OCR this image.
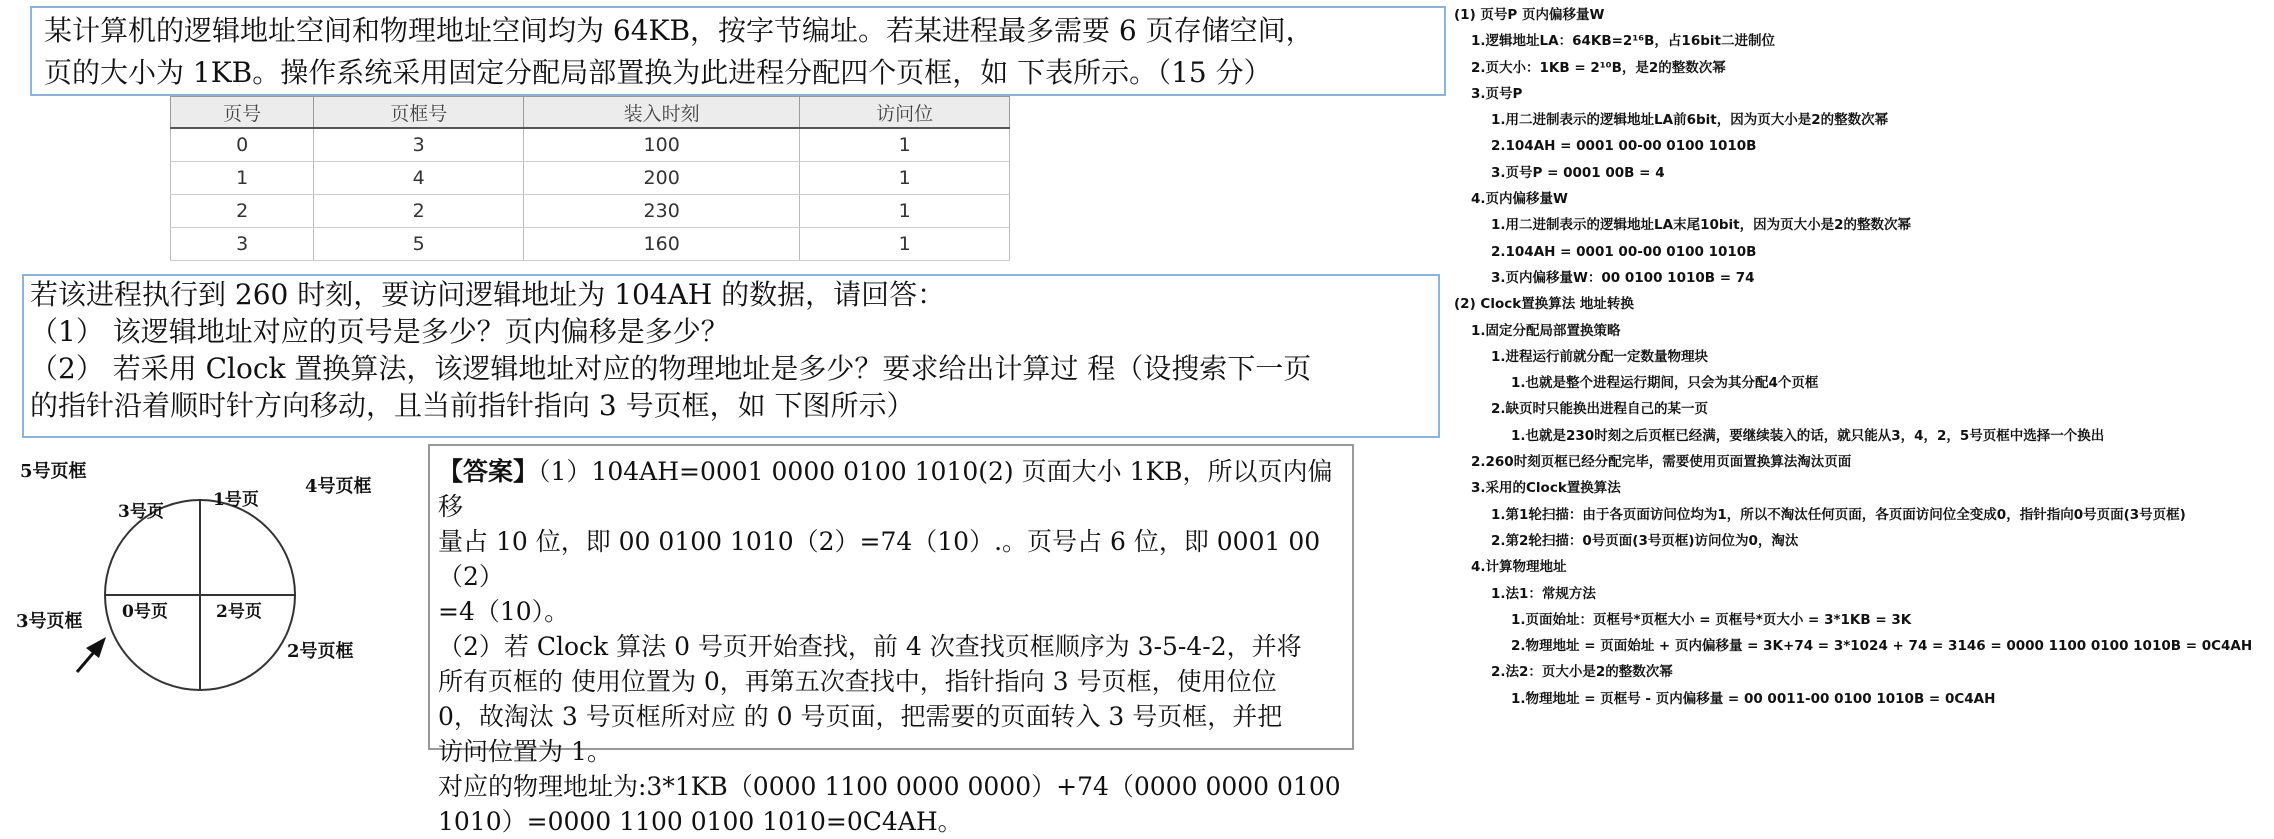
某计算机的逻辑地址空间和物理地址空间均为 64KB，按字节编址。若某进程最多需要 6 页存储空间，

页的大小为 1KB。操作系统采用固定分配局部置换为此进程分配四个页框，如 下表所示。（15 分）

页号	页框号	装入时刻	访问位
0	3	100	1
1	4	200	1
2	2	230	1
3	5	160	1

若该进程执行到 260 时刻，要访问逻辑地址为 104AH 的数据，请回答：

（1） 该逻辑地址对应的页号是多少？页内偏移是多少？

（2） 若采用 Clock 置换算法，该逻辑地址对应的物理地址是多少？要求给出计算过 程（设搜索下一页

的指针沿着顺时针方向移动，且当前指针指向 3 号页框，如 下图所示）

3号页
1号页
0号页	2号页
5号页框
4号页框
3号页框
2号页框

【答案】（1）104AH=0001 0000 0100 1010(2) 页面大小 1KB，所以页内偏移

量占 10 位，即 00 0100 1010（2）=74（10）.。页号占 6 位，即 0001 00（2）

=4（10）。

（2）若 Clock 算法 0 号页开始查找，前 4 次查找页框顺序为 3-5-4-2，并将

所有页框的 使用位置为 0，再第五次查找中，指针指向 3 号页框，使用位位

0，故淘汰 3 号页框所对应 的 0 号页面，把需要的页面转入 3 号页框，并把

访问位置为 1。

对应的物理地址为:3*1KB（0000 1100 0000 0000）+74（0000 0000 0100

1010）=0000 1100 0100 1010=0C4AH。

(1) 页号P 页内偏移量W
1.逻辑地址LA：64KB=2¹⁶B，占16bit二进制位
2.页大小：1KB = 2¹⁰B，是2的整数次幂
3.页号P
1.用二进制表示的逻辑地址LA前6bit，因为页大小是2的整数次幂
2.104AH = 0001 00-00 0100 1010B
3.页号P = 0001 00B = 4
4.页内偏移量W
1.用二进制表示的逻辑地址LA末尾10bit，因为页大小是2的整数次幂
2.104AH = 0001 00-00 0100 1010B
3.页内偏移量W：00 0100 1010B = 74
(2) Clock置换算法 地址转换
1.固定分配局部置换策略
1.进程运行前就分配一定数量物理块
1.也就是整个进程运行期间，只会为其分配4个页框
2.缺页时只能换出进程自己的某一页
1.也就是230时刻之后页框已经满，要继续装入的话，就只能从3，4，2，5号页框中选择一个换出
2.260时刻页框已经分配完毕，需要使用页面置换算法淘汰页面
3.采用的Clock置换算法
1.第1轮扫描：由于各页面访问位均为1，所以不淘汰任何页面，各页面访问位全变成0，指针指向0号页面(3号页框)
2.第2轮扫描：0号页面(3号页框)访问位为0，淘汰
4.计算物理地址
1.法1：常规方法
1.页面始址：页框号*页框大小 = 页框号*页大小 = 3*1KB = 3K
2.物理地址 = 页面始址 + 页内偏移量 = 3K+74 = 3*1024 + 74 = 3146 = 0000 1100 0100 1010B = 0C4AH
2.法2：页大小是2的整数次幂
1.物理地址 = 页框号 - 页内偏移量 = 00 0011-00 0100 1010B = 0C4AH
